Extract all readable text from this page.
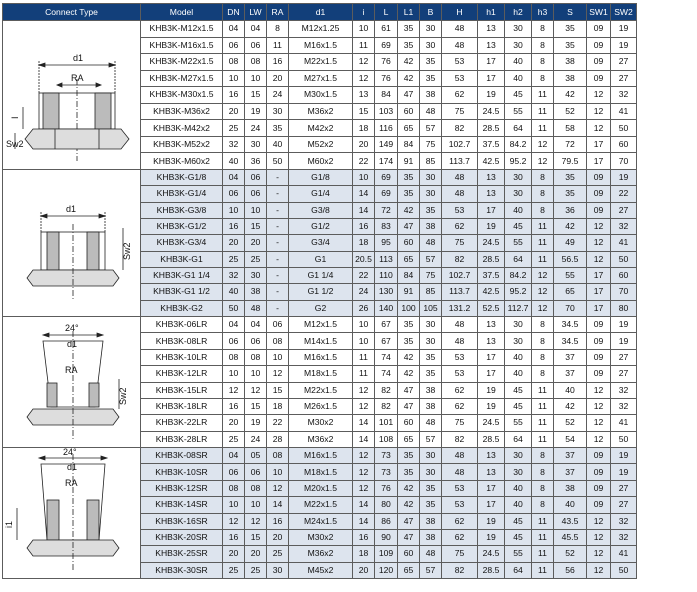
Connect Type	Model	DN	LW	RA	d1	i	L	L1	B	H	h1	h2	h3	S	SW1	SW2

d1
RA
I
Sw2	KHB3K-M12x1.5	04	04	8	M12x1.25	10	61	35	30	48	13	30	8	35	09	19
	KHB3K-M16x1.5	06	06	11	M16x1.5	11	69	35	30	48	13	30	8	35	09	19
	KHB3K-M22x1.5	08	08	16	M22x1.5	12	76	42	35	53	17	40	8	38	09	27
	KHB3K-M27x1.5	10	10	20	M27x1.5	12	76	42	35	53	17	40	8	38	09	27
	KHB3K-M30x1.5	16	15	24	M30x1.5	13	84	47	38	62	19	45	11	42	12	32
	KHB3K-M36x2	20	19	30	M36x2	15	103	60	48	75	24.5	55	11	52	12	41
	KHB3K-M42x2	25	24	35	M42x2	18	116	65	57	82	28.5	64	11	58	12	50
	KHB3K-M52x2	32	30	40	M52x2	20	149	84	75	102.7	37.5	84.2	12	72	17	60
	KHB3K-M60x2	40	36	50	M60x2	22	174	91	85	113.7	42.5	95.2	12	79.5	17	70

d1
Sw2	KHB3K-G1/8	04	06	-	G1/8	10	69	35	30	48	13	30	8	35	09	19
	KHB3K-G1/4	06	06	-	G1/4	14	69	35	30	48	13	30	8	35	09	22
	KHB3K-G3/8	10	10	-	G3/8	14	72	42	35	53	17	40	8	36	09	27
	KHB3K-G1/2	16	15	-	G1/2	16	83	47	38	62	19	45	11	42	12	32
	KHB3K-G3/4	20	20	-	G3/4	18	95	60	48	75	24.5	55	11	49	12	41
	KHB3K-G1	25	25	-	G1	20.5	113	65	57	82	28.5	64	11	56.5	12	50
	KHB3K-G1 1/4	32	30	-	G1 1/4	22	110	84	75	102.7	37.5	84.2	12	55	17	60
	KHB3K-G1 1/2	40	38	-	G1 1/2	24	130	91	85	113.7	42.5	95.2	12	65	17	70
	KHB3K-G2	50	48	-	G2	26	140	100	105	131.2	52.5	112.7	12	70	17	80

24°
d1
RA
Sw2	KHB3K-06LR	04	04	06	M12x1.5	10	67	35	30	48	13	30	8	34.5	09	19
	KHB3K-08LR	06	06	08	M14x1.5	10	67	35	30	48	13	30	8	34.5	09	19
	KHB3K-10LR	08	08	10	M16x1.5	11	74	42	35	53	17	40	8	37	09	27
	KHB3K-12LR	10	10	12	M18x1.5	11	74	42	35	53	17	40	8	37	09	27
	KHB3K-15LR	12	12	15	M22x1.5	12	82	47	38	62	19	45	11	40	12	32
	KHB3K-18LR	16	15	18	M26x1.5	12	82	47	38	62	19	45	11	42	12	32
	KHB3K-22LR	20	19	22	M30x2	14	101	60	48	75	24.5	55	11	52	12	41
	KHB3K-28LR	25	24	28	M36x2	14	108	65	57	82	28.5	64	11	54	12	50

24°
d1
RA
i1	KHB3K-08SR	04	05	08	M16x1.5	12	73	35	30	48	13	30	8	37	09	19
	KHB3K-10SR	06	06	10	M18x1.5	12	73	35	30	48	13	30	8	37	09	19
	KHB3K-12SR	08	08	12	M20x1.5	12	76	42	35	53	17	40	8	38	09	27
	KHB3K-14SR	10	10	14	M22x1.5	14	80	42	35	53	17	40	8	40	09	27
	KHB3K-16SR	12	12	16	M24x1.5	14	86	47	38	62	19	45	11	43.5	12	32
	KHB3K-20SR	16	15	20	M30x2	16	90	47	38	62	19	45	11	45.5	12	32
	KHB3K-25SR	20	20	25	M36x2	18	109	60	48	75	24.5	55	11	52	12	41
	KHB3K-30SR	25	25	30	M45x2	20	120	65	57	82	28.5	64	11	56	12	50
